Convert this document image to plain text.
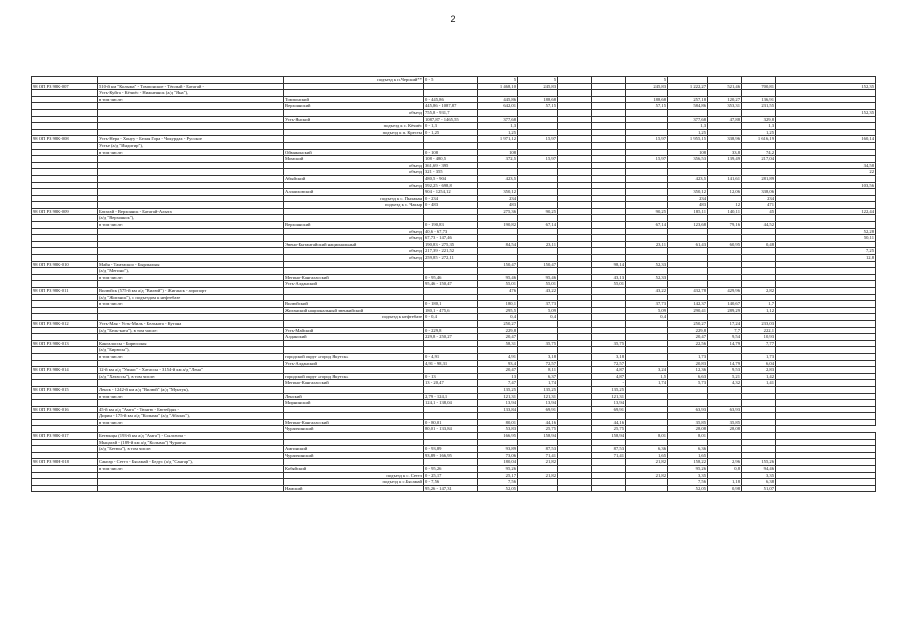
2
		подъезд к п.Черский**	0 - 5	5	5			5				
98 ОП РЗ 98К-007	510-й км "Колыма" - Томпонское - Тёплый - Батагай -			1 468,10	245,83			245,83	1 222,27	521,46	700,81	152,35
	Усть-Куйга - Кёчиёс - Нижнеянск (а/д "Яна"),											
	в том числе:	Томпонский	0 - 445,86	445,86	188,68			188,68	257,18	120,27	136,91	
		Верхоянский	445,86 - 1087,87	642,01	57,15			57,15	584,86	353,31	231,55	
		объезд	755,8 - 931,7									152,35
		Усть-Янский	1087,87 - 1465,55	377,68					377,68	47,88	329,8	
		подъезд к с. Кёчиёс	0 - 1,3	1,3					1,3		1,3	
		подъезд к п. Кресты	0 - 1,25	1,25					1,25		1,25	
98 ОП РЗ 98К-008	Усть-Нера - Хонуу - Белая Гора - Чокурдах - Русское			1 971,12	15,97			15,97	1 955,15	338,96	1 616,19	160,14
	Устье (а/д "Индигир"),											
	в том числе:	Оймяконский	0 - 108	108					108	33,8	74,2	
		Момский	108 - 480,5	372,5	15,97			15,97	356,53	139,49	217,04	
		объезд	361,69 - 395									34,58
		объезд	321 - 355									22
		Абыйский	480,5 - 904	423,5					423,5	141,61	281,89	
		объезд	592,25 - 698,8									103,56
		Аллаиховский	904 - 1254,12	350,12					350,12	12,06	338,06	
		подъезд к с. Пыхакан	0 - 234	234					234		234	
		подъезд к с. Чакыр	0 - 483	483					483	12	471	
98 ОП РЗ 98К-009	Батагай - Верхоянск - Батагай-Алыта			275,36	90,25			90,25	185,11	140,11	45	122,44
	(а/д "Верхоянск"),											
	в том числе:	Верхоянский	0 - 190,83	190,82	67,14			67,14	123,68	79,16	44,52	
		объезд	40,6 - 67,73									52,28
		объезд	67,73 - 147,46									50,11
		Эвено-Бытантайский национальный	190,83 - 275,35	84,54	23,11			23,11	61,43	60,95	0,48	
		объезд	217,39 - 221,52									7,25
		объезд	259,85 - 272,11									12,8
98 ОП РЗ 98К-010	Майя - Тамтаскоо - Бырлылыы			150,47	150,47		98,14	52,33				
	(а/д "Мегино"),											
	в том числе:	Мегино-Кангаласский	0 - 95,46	95,46	95,46		43,13	52,33				
		Усть-Алданский	95,46 - 150,47	55,01	55,01		55,01					
98 ОП РЗ 98К-011	Вилюйск (575-й км а/д "Вилюй") - Жиганск - аэропорт			476	43,22			43,22	432,78	429,96	2,82	
	(а/д "Жиганск"), с подъездом к нефтебазе											
	в том числе:	Вилюйский	0 - 180,1	180,1	37,73			37,73	142,37	140,67	1,7	
		Жиганский национальный эвенкийский	180,1 - 475,6	295,5	5,09			5,09	290,41	289,29	1,12	
		подъезд к нефтебазе	0 - 0,4	0,4	0,4			0,4				
98 ОП РЗ 98К-012	Усть-Мая - Усть-Миль - Бельката - Кутана			250,27					250,27	17,24	233,03	
	(а/д "Бель-ката"), в том числе:	Усть-Майский	0 - 229,8	229,8					229,8	7,7	222,1	
		Алданский	229,8 - 250,27	20,47					20,47	9,54	10,93	
98 ОП РЗ 98К-013	Кангаласcы - Бирюсоны			58,31	35,75		35,75		22,56	14,79	7,77	
	(а/д "Бирюсы"),											
	в том числе:	городской округ «город Якутск»	0 - 4,91	4,91	3,18		3,18		1,73		1,73	
		Усть-Алданский	4,91 - 98,31	93,4	72,57		72,57		20,83	14,79	6,04	
98 ОП РЗ 98К-014	12-й км а/д "Умнас" - Хатассы - 3154-й км а/д "Лена"			20,47	8,11		4,87	3,24	12,36	9,53	2,83	
	(а/д "Хатассы"), в том числе:	городской округ «город Якутск»	0 - 13	13	6,37		4,87	1,5	6,63	5,21	1,42	
		Мегино-Кангаласский	13 - 20,47	7,47	1,74		-	1,74	5,73	4,32	1,41	
98 ОП РЗ 98К-015	Ленск - 1242-й км а/д "Вилюй" (а/д "Мунтук),			135,25	135,25		135,25					
	в том числе:	Ленский	2,79 - 124,1	121,31	121,31		121,31					
		Мирнинский	124,1 - 138,04	13,94	13,94		13,94					
98 ОП РЗ 98К-016	45-й км а/д "Амга" - Тюнгю - Бютейдях -			133,84	69,91		69,91		63,93	63,93		
	Дирин - 175-й км а/д "Колыма" (а/д "Абалах"),											
	в том числе:	Мегино-Кангаласский	0 - 80,01	80,01	44,16		44,16		35,85	35,85		
		Чурапчинский	80,01 - 133,84	53,83	25,75		25,75		28,08	28,08		
98 ОП РЗ 98К-017	Бетюнцы (193-й км а/д "Амга") - Сылгачча -			166,95	158,94		158,94	8,01	8,01			
	Мыцагай - (189-й км а/д "Колыма") Чурапча											
	(а/д "Бетюн"), в том числе:	Амгинский	0 - 93,89	93,89	87,53		87,53	6,36	6,36			
		Чурапчинский	93,89 - 166,95	73,06	71,41		71,41	1,65	1,65			
98 ОП РЗ 98Н-018	Сангар - Сеттэ - Бясамай - Бедус (а/д "Сангар"),			180,04	21,82			21,82	158,22	2,96	155,26	
	в том числе:	Кобяйский	0 - 95,26	95,26					95,26	0,8	94,46	
		подъезд к с. Сеттэ	0 - 25,17	25,17	21,82			21,82	3,35		3,35	
		подъезд к с.Бясамай	0 - 7,56	7,56					7,56	1,18	6,38	
		Намский	95,26 - 147,31	52,05					52,05	0,98	51,07	
